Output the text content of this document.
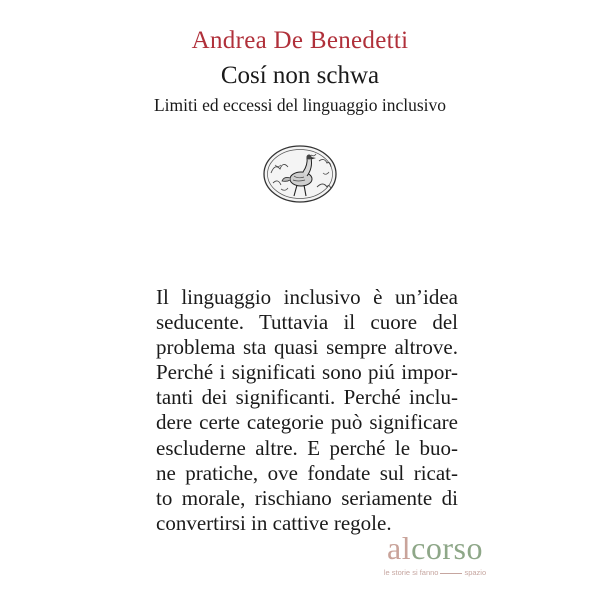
Andrea De Benedetti
Cosí non schwa
Limiti ed eccessi del linguaggio inclusivo
Il linguaggio inclusivo è un’idea
seducente. Tuttavia il cuore del
problema sta quasi sempre altrove.
Perché i significati sono piú impor-
tanti dei significanti. Perché inclu-
dere certe categorie può significare
escluderne altre. E perché le buo-
ne pratiche, ove fondate sul ricat-
to morale, rischiano seriamente di
convertirsi in cattive regole.
alcorso
le storie si fanno	spazio
